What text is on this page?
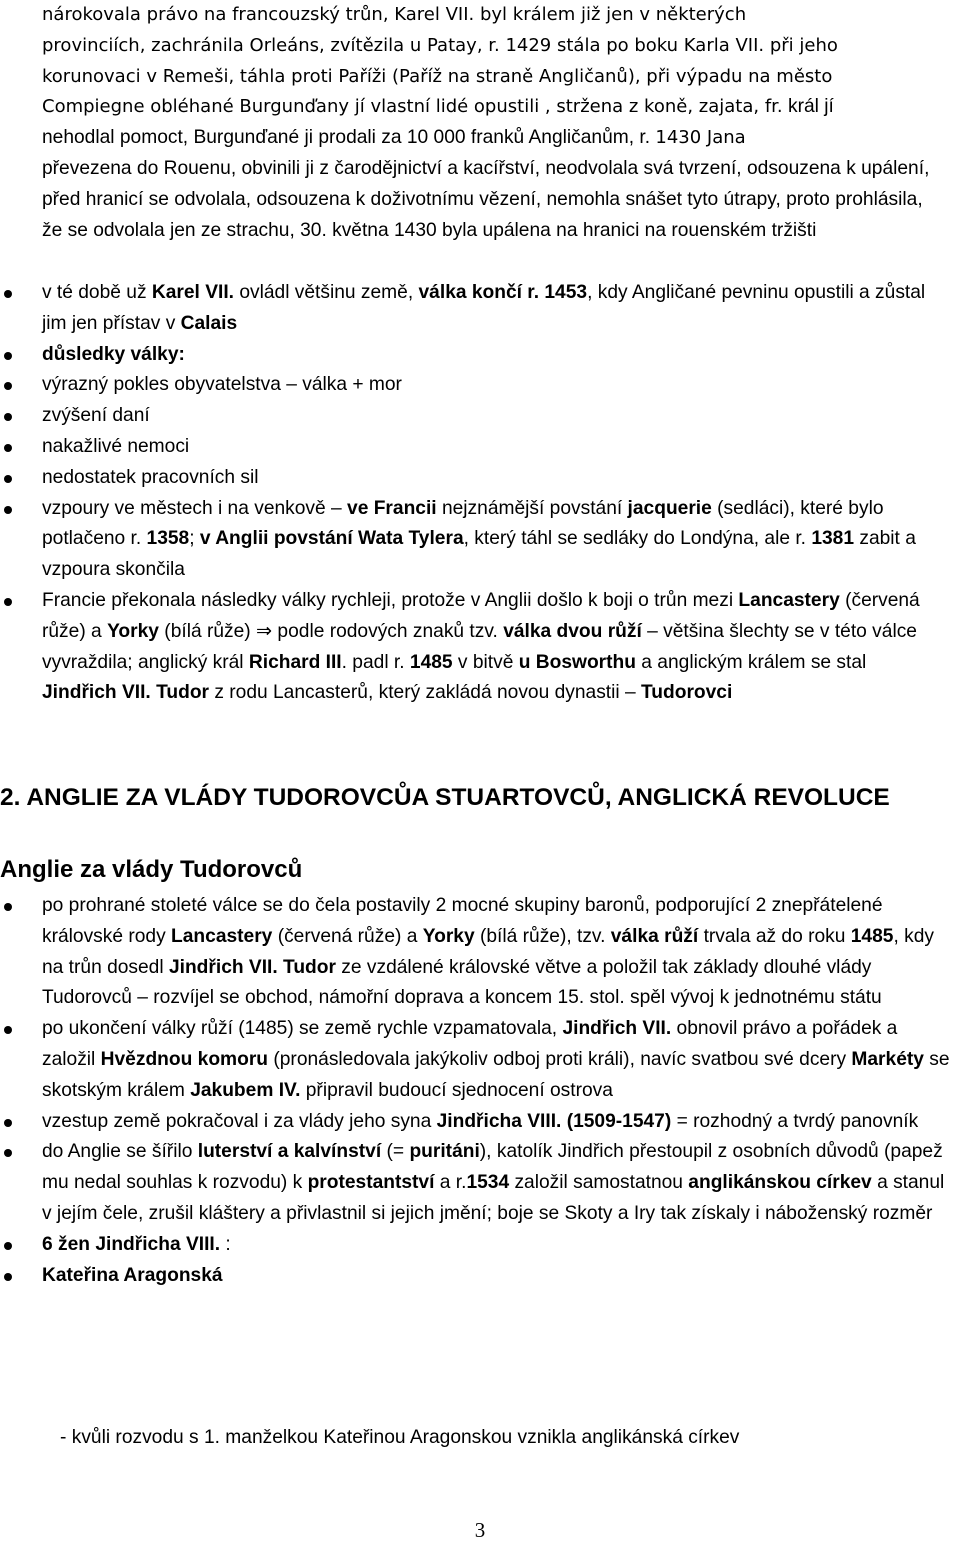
nárokovala právo na francouzský trůn, Karel VII. byl králem již jen v některých
provinciích, zachránila Orleáns, zvítězila u Patay, r. 1429 stála po boku Karla VII. při jeho
korunovaci v Remeši, táhla proti Paříži (Paříž na straně Angličanů), při výpadu na město
Compiegne obléhané Burgunďany jí vlastní lidé opustili , stržena z koně, zajata, fr. král jí
nehodlal pomoct, Burgunďané ji prodali za 10 000 franků Angličanům, r. 1430 Jana
převezena do Rouenu, obvinili ji z čarodějnictví a kacířství, neodvolala svá tvrzení, odsouzena k upálení, před hranicí se odvolala, odsouzena k doživotnímu vězení, nemohla snášet tyto útrapy, proto prohlásila, že se odvolala jen ze strachu, 30. května 1430 byla upálena na hranici na rouenském tržišti
v té době už Karel VII. ovládl většinu země, válka končí r. 1453, kdy Angličané pevninu opustili a zůstal jim jen přístav v Calais
důsledky války:
výrazný pokles obyvatelstva – válka + mor
zvýšení daní
nakažlivé nemoci
nedostatek pracovních sil
vzpoury ve městech i na venkově – ve Francii nejznámější povstání jacquerie (sedláci), které bylo potlačeno r. 1358; v Anglii povstání Wata Tylera, který táhl se sedláky do Londýna, ale r. 1381 zabit a vzpoura skončila
Francie překonala následky války rychleji, protože v Anglii došlo k boji o trůn mezi Lancastery (červená růže) a Yorky (bílá růže) ⇒ podle rodových znaků tzv. válka dvou růží – většina šlechty se v této válce vyvraždila; anglický král Richard III. padl r. 1485 v bitvě u Bosworthu a anglickým králem se stal Jindřich VII. Tudor z rodu Lancasterů, který zakládá novou dynastii – Tudorovci
2. ANGLIE ZA VLÁDY TUDOROVCŮA STUARTOVCŮ, ANGLICKÁ REVOLUCE
Anglie za vlády Tudorovců
po prohrané stoleté válce se do čela postavily 2 mocné skupiny baronů, podporující 2 znepřátelené královské rody Lancastery (červená růže) a Yorky (bílá růže), tzv. válka růží trvala až do roku 1485, kdy na trůn dosedl Jindřich VII. Tudor ze vzdálené královské větve a položil tak základy dlouhé vlády Tudorovců – rozvíjel se obchod, námořní doprava a koncem 15. stol. spěl vývoj k jednotnému státu
po ukončení války růží (1485) se země rychle vzpamatovala, Jindřich VII. obnovil právo a pořádek a založil Hvězdnou komoru (pronásledovala jakýkoliv odboj proti králi), navíc svatbou své dcery Markéty se skotským králem Jakubem IV. připravil budoucí sjednocení ostrova
vzestup země pokračoval i za vlády jeho syna Jindřicha VIII. (1509-1547) = rozhodný a tvrdý panovník
do Anglie se šířilo luterství a kalvínství (= puritáni), katolík Jindřich přestoupil z osobních důvodů (papež mu nedal souhlas k rozvodu) k protestantství a r.1534 založil samostatnou anglikánskou církev a stanul v jejím čele, zrušil kláštery a přivlastnil si jejich jmění; boje se Skoty a Iry tak získaly i náboženský rozměr
6 žen Jindřicha VIII. :
Kateřina Aragonská
- kvůli rozvodu s 1. manželkou Kateřinou Aragonskou vznikla anglikánská církev
3
